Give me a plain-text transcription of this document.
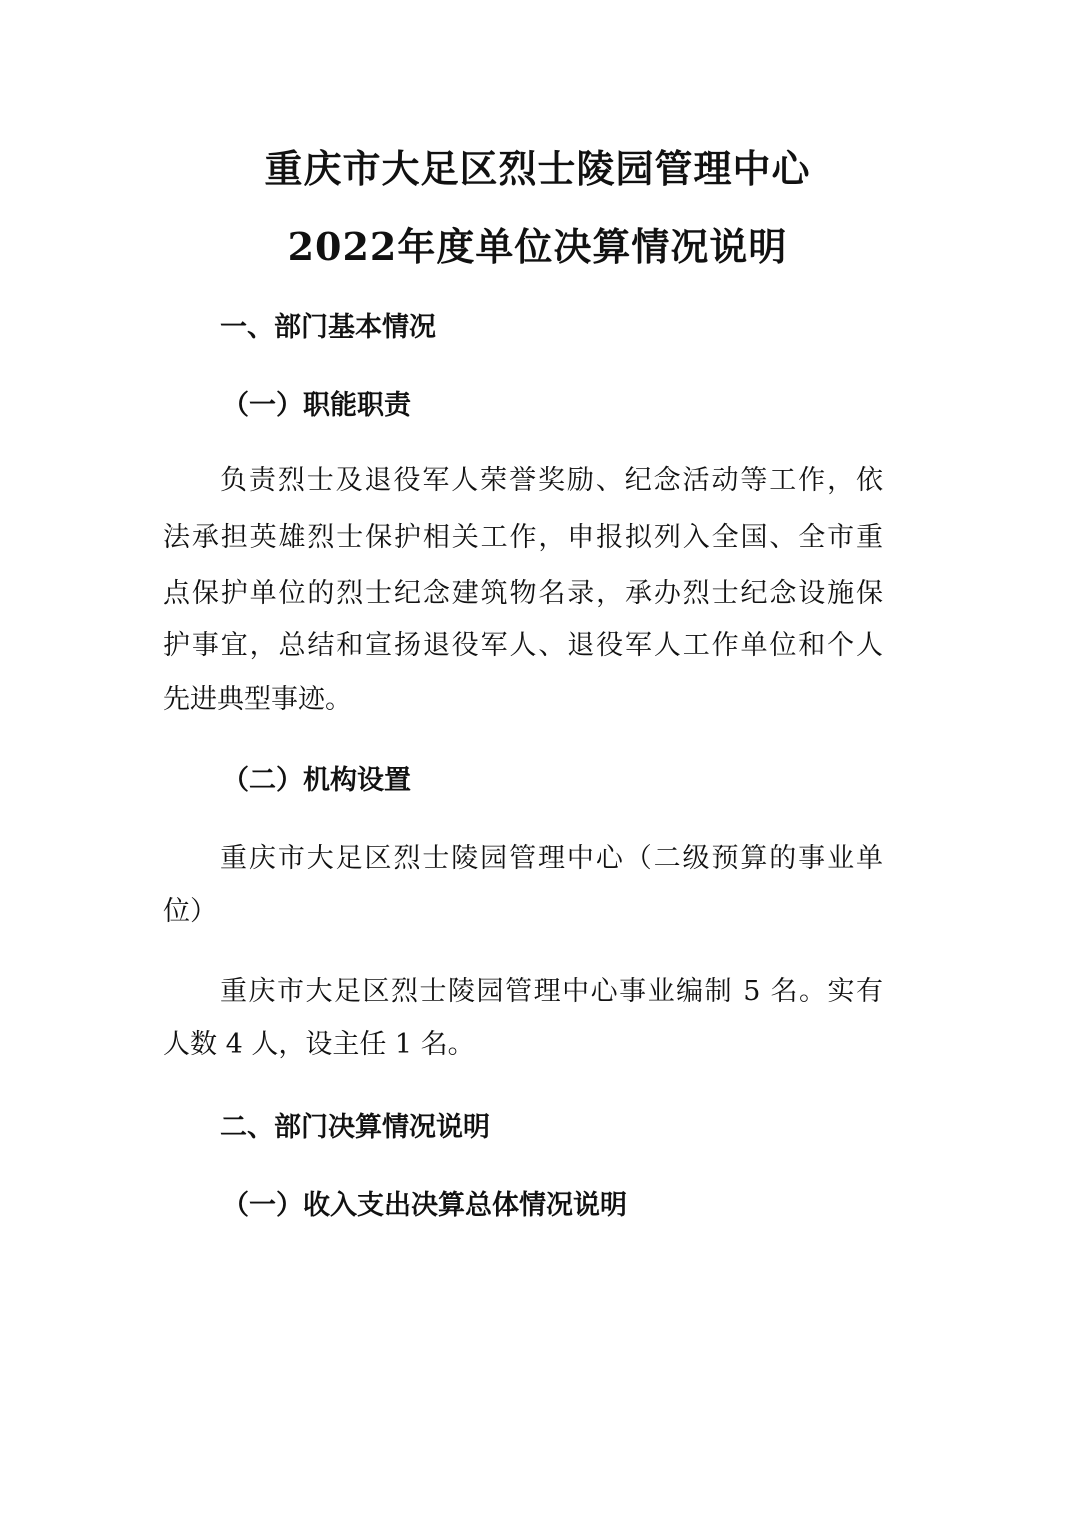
重庆市大足区烈士陵园管理中心
2022年度单位决算情况说明
一、部门基本情况
（一）职能职责
负责烈士及退役军人荣誉奖励、纪念活动等工作，依
法承担英雄烈士保护相关工作，申报拟列入全国、全市重
点保护单位的烈士纪念建筑物名录，承办烈士纪念设施保
护事宜，总结和宣扬退役军人、退役军人工作单位和个人
先进典型事迹。
（二）机构设置
重庆市大足区烈士陵园管理中心（二级预算的事业单
位）
重庆市大足区烈士陵园管理中心事业编制 5 名。实有
人数 4 人，设主任 1 名。
二、部门决算情况说明
（一）收入支出决算总体情况说明
